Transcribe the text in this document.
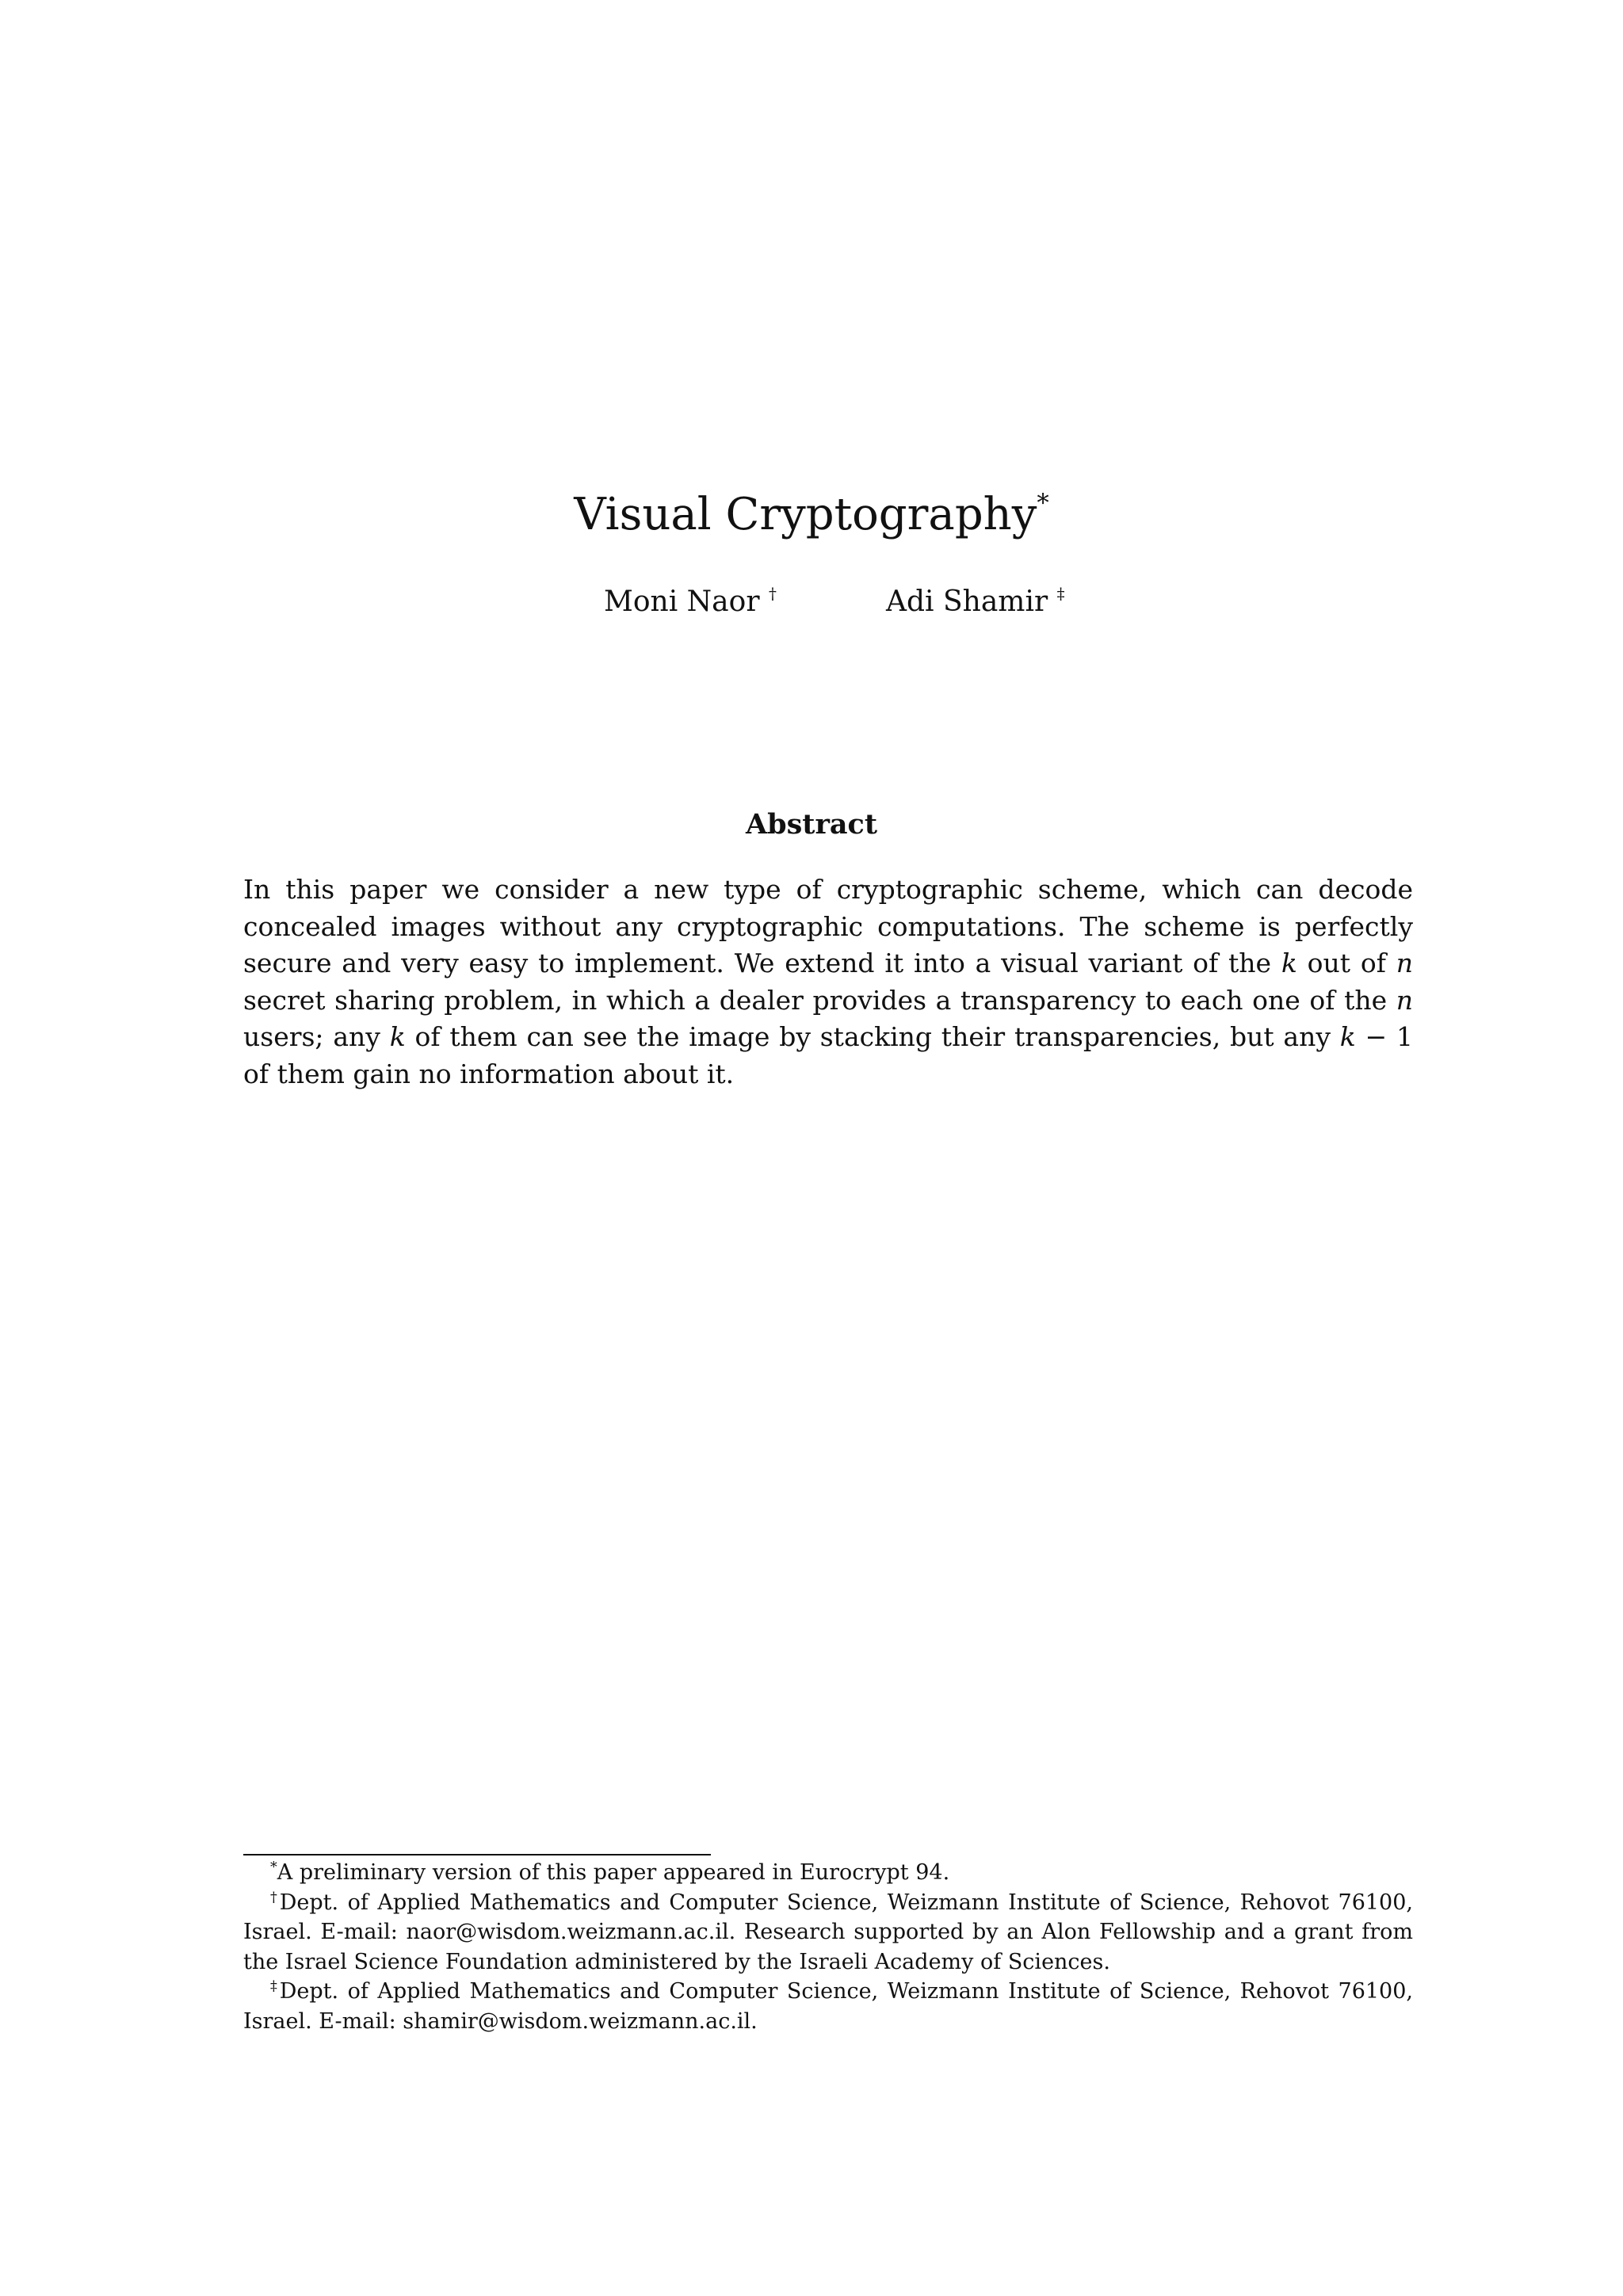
Visual Cryptography*
Moni Naor †	Adi Shamir ‡
Abstract

In this paper we consider a new type of cryptographic scheme, which can decode concealed images without any cryptographic computations. The scheme is perfectly secure and very easy to implement. We extend it into a visual variant of the k out of n secret sharing problem, in which a dealer provides a transparency to each one of the n users; any k of them can see the image by stacking their transparencies, but any k − 1 of them gain no information about it.

*A preliminary version of this paper appeared in Eurocrypt 94.

†Dept. of Applied Mathematics and Computer Science, Weizmann Institute of Science, Rehovot 76100, Israel. E-mail: naor@wisdom.weizmann.ac.il. Research supported by an Alon Fellowship and a grant from the Israel Science Foundation administered by the Israeli Academy of Sciences.

‡Dept. of Applied Mathematics and Computer Science, Weizmann Institute of Science, Rehovot 76100, Israel. E-mail: shamir@wisdom.weizmann.ac.il.
